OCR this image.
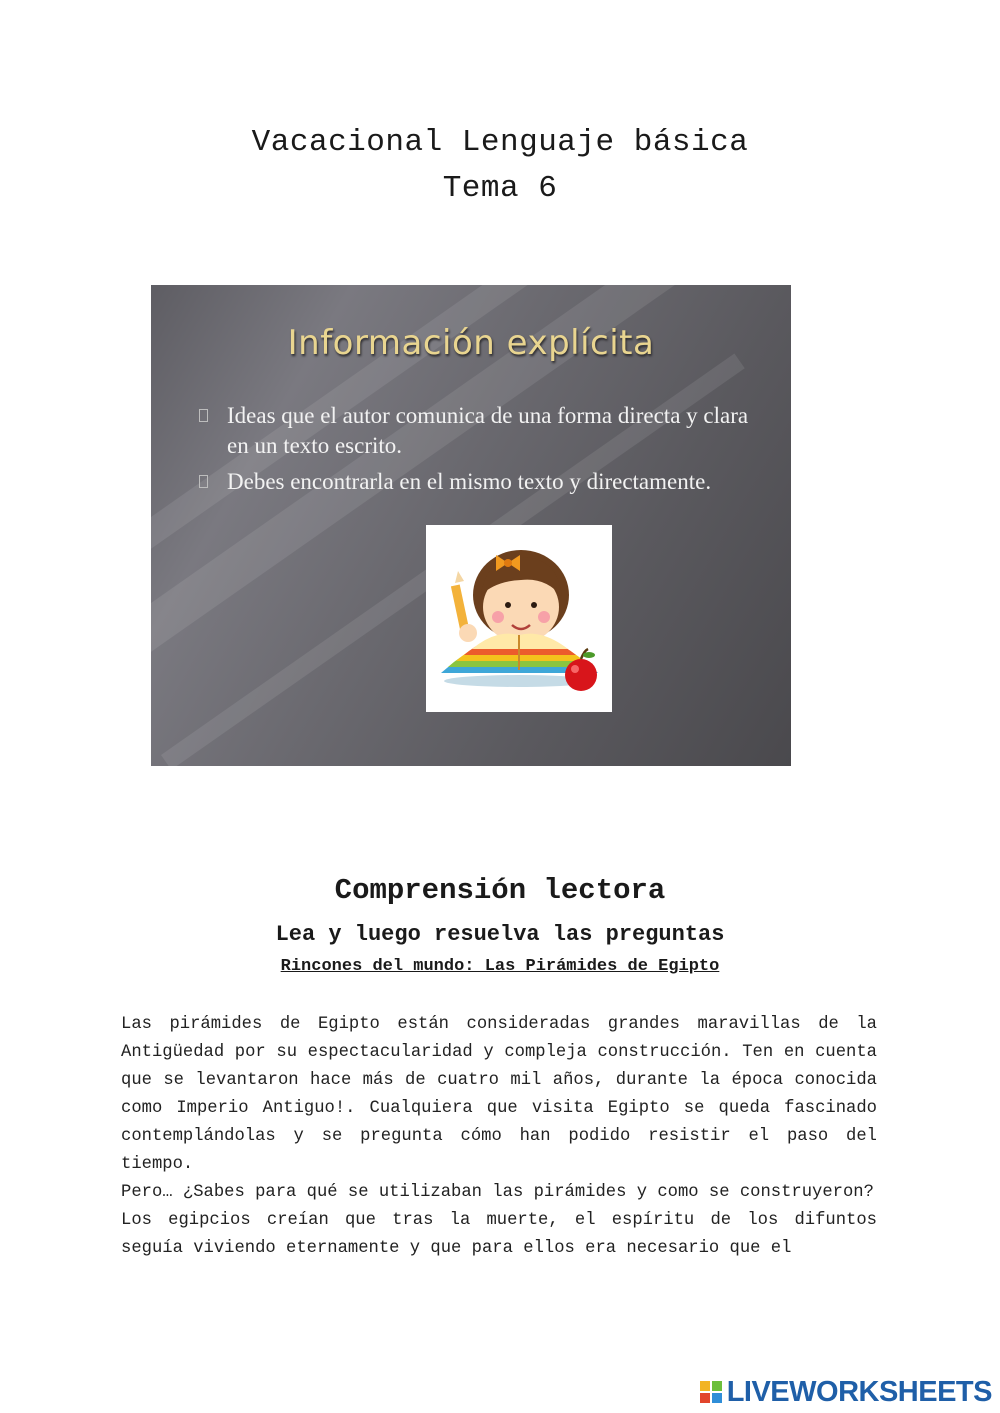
Vacacional Lenguaje básica
Tema 6
Información explícita
Ideas que el autor comunica de una forma directa y clara en un texto escrito.
Debes encontrarla en el mismo texto y directamente.
Comprensión lectora
Lea y luego resuelva las preguntas
Rincones del mundo: Las Pirámides de Egipto

Las pirámides de Egipto están consideradas grandes maravillas de la Antigüedad por su espectacularidad y compleja construcción. Ten en cuenta que se levantaron hace más de cuatro mil años, durante la época conocida como Imperio Antiguo!. Cualquiera que visita Egipto se queda fascinado contemplándolas y se pregunta cómo han podido resistir el paso del tiempo.

Pero… ¿Sabes para qué se utilizaban las pirámides y como se construyeron?

Los egipcios creían que tras la muerte, el espíritu de los difuntos seguía viviendo eternamente y que para ellos era necesario que el

LIVEWORKSHEETS
